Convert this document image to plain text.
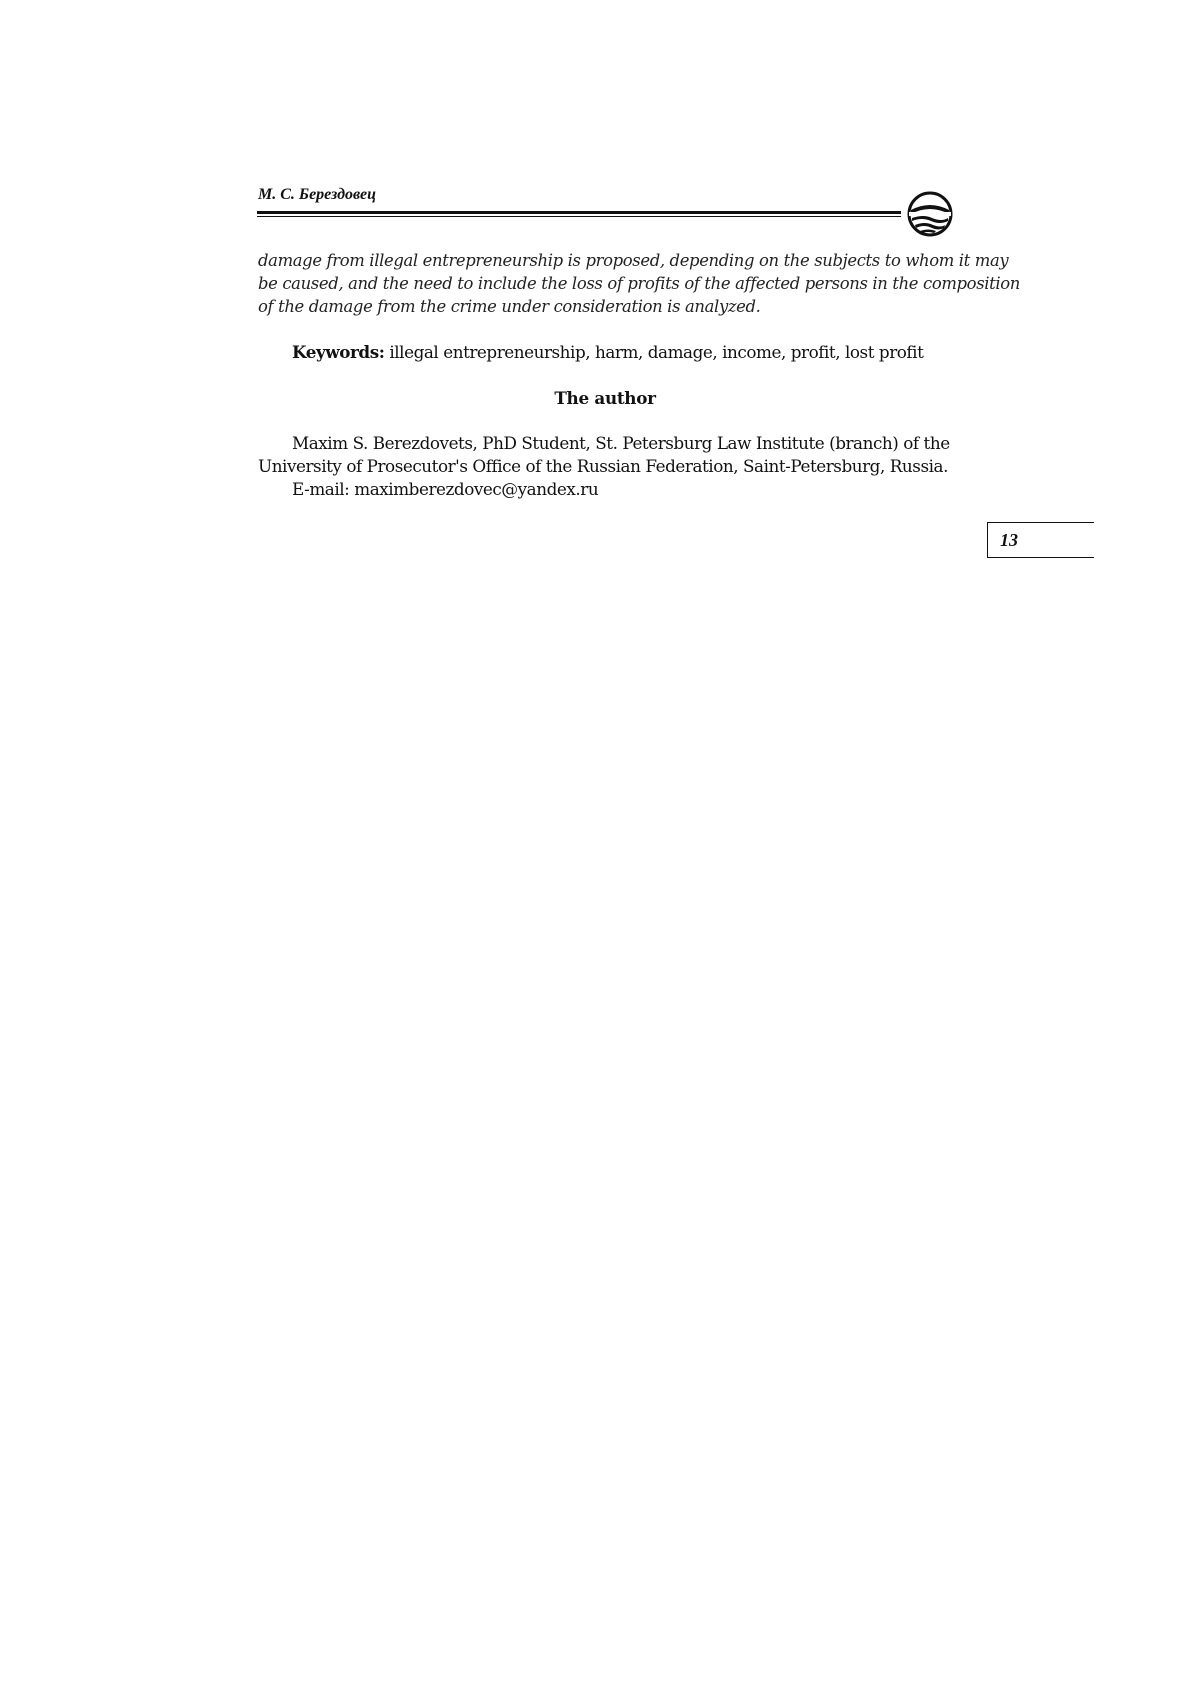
М. С. Берездовец
damage from illegal entrepreneurship is proposed, depending on the subjects to whom it may
be caused, and the need to include the loss of profits of the affected persons in the composition
of the damage from the crime under consideration is analyzed.
Keywords: illegal entrepreneurship, harm, damage, income, profit, lost profit
The author
Maxim S. Berezdovets, PhD Student, St. Petersburg Law Institute (branch) of the
University of Prosecutor's Office of the Russian Federation, Saint-Petersburg, Russia.
E-mail: maximberezdovec@yandex.ru
13
